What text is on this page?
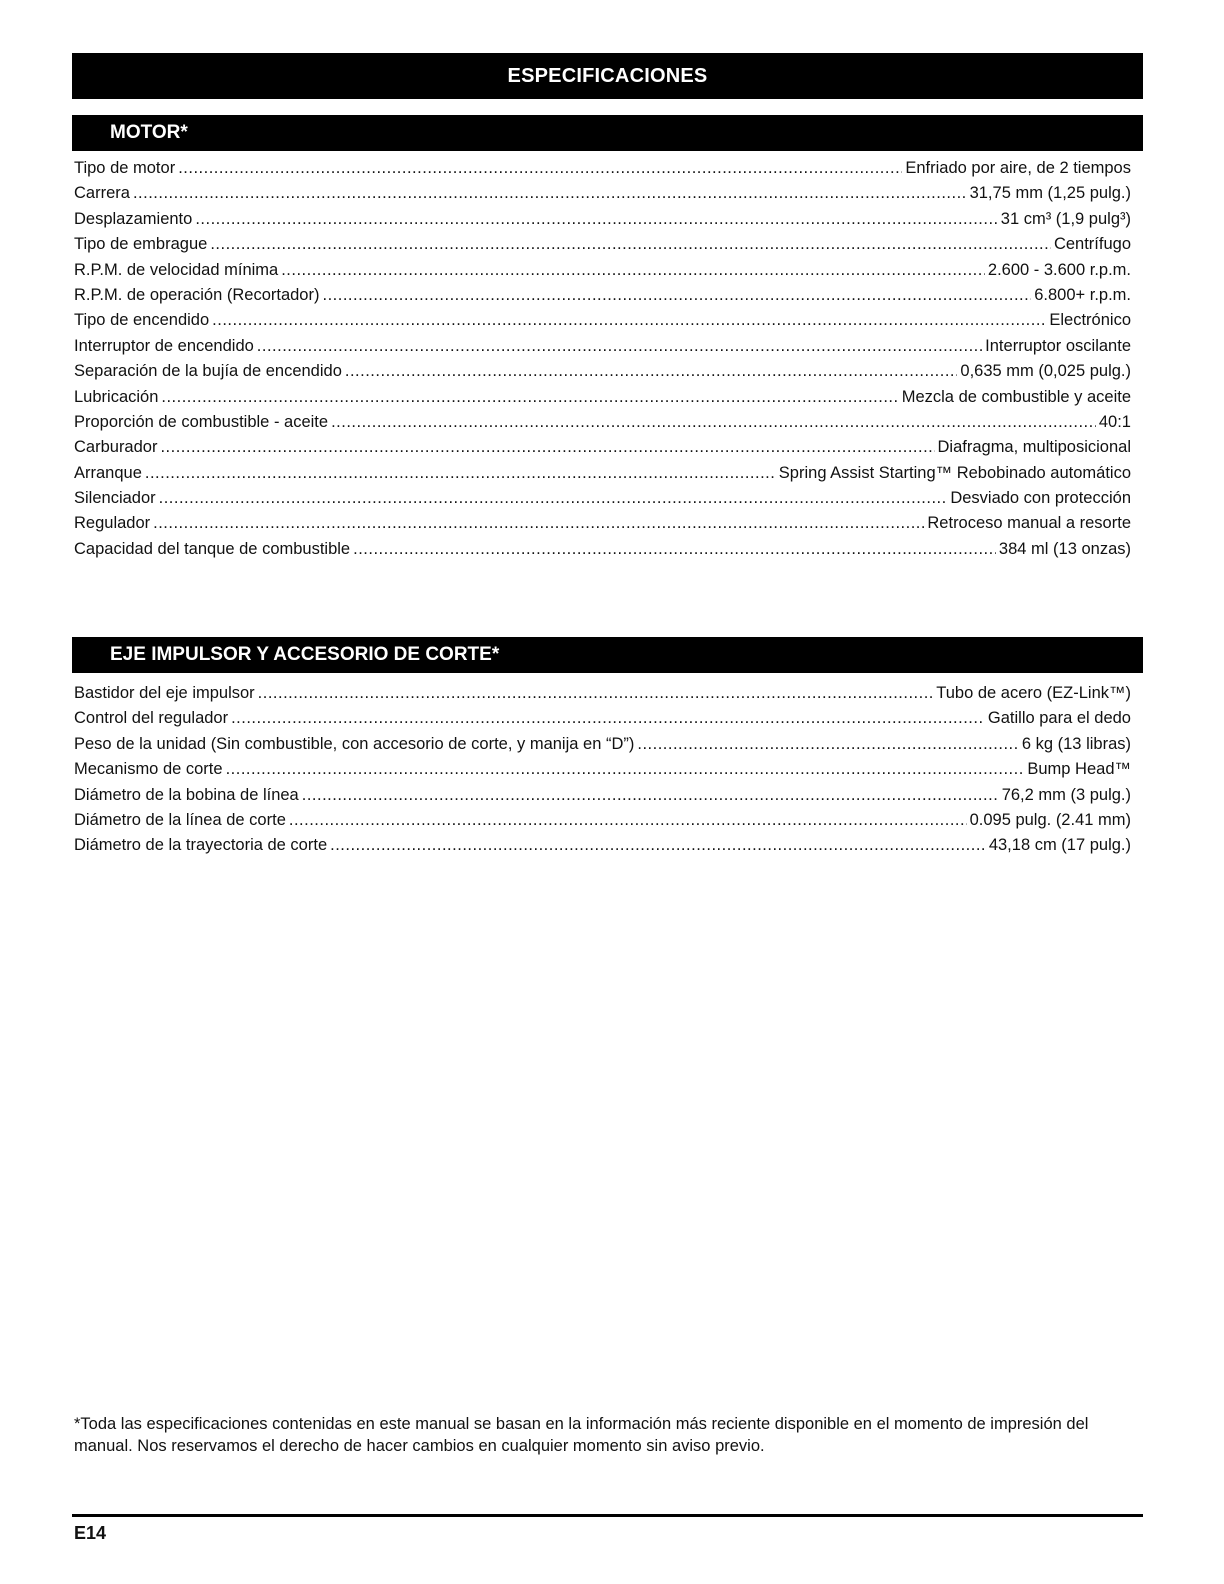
ESPECIFICACIONES
MOTOR*
Tipo de motor .....	Enfriado por aire, de 2 tiempos
Carrera .....	31,75 mm (1,25 pulg.)
Desplazamiento .....	31 cm³ (1,9 pulg³)
Tipo de embrague .....	Centrífugo
R.P.M. de velocidad mínima .....	2.600 - 3.600 r.p.m.
R.P.M. de operación (Recortador) .....	6.800+ r.p.m.
Tipo de encendido .....	Electrónico
Interruptor de encendido .....	Interruptor oscilante
Separación de la bujía de encendido .....	0,635 mm (0,025 pulg.)
Lubricación .....	Mezcla de combustible y aceite
Proporción de combustible - aceite .....	40:1
Carburador .....	Diafragma, multiposicional
Arranque .....	Spring Assist Starting™ Rebobinado automático
Silenciador .....	Desviado con protección
Regulador .....	Retroceso manual a resorte
Capacidad del tanque de combustible .....	384 ml (13 onzas)
EJE IMPULSOR Y ACCESORIO DE CORTE*
Bastidor del eje impulsor .....	Tubo de acero (EZ-Link™)
Control del regulador .....	Gatillo para el dedo
Peso de la unidad (Sin combustible, con accesorio de corte, y manija en “D”) .....	6 kg (13 libras)
Mecanismo de corte .....	Bump Head™
Diámetro de la bobina de línea .....	76,2 mm (3 pulg.)
Diámetro de la línea de corte .....	0.095 pulg. (2.41 mm)
Diámetro de la trayectoria de corte .....	43,18 cm (17 pulg.)
*Toda las especificaciones contenidas en este manual se basan en la información más reciente disponible en el momento de impresión del manual. Nos reservamos el derecho de hacer cambios en cualquier momento sin aviso previo.
E14
